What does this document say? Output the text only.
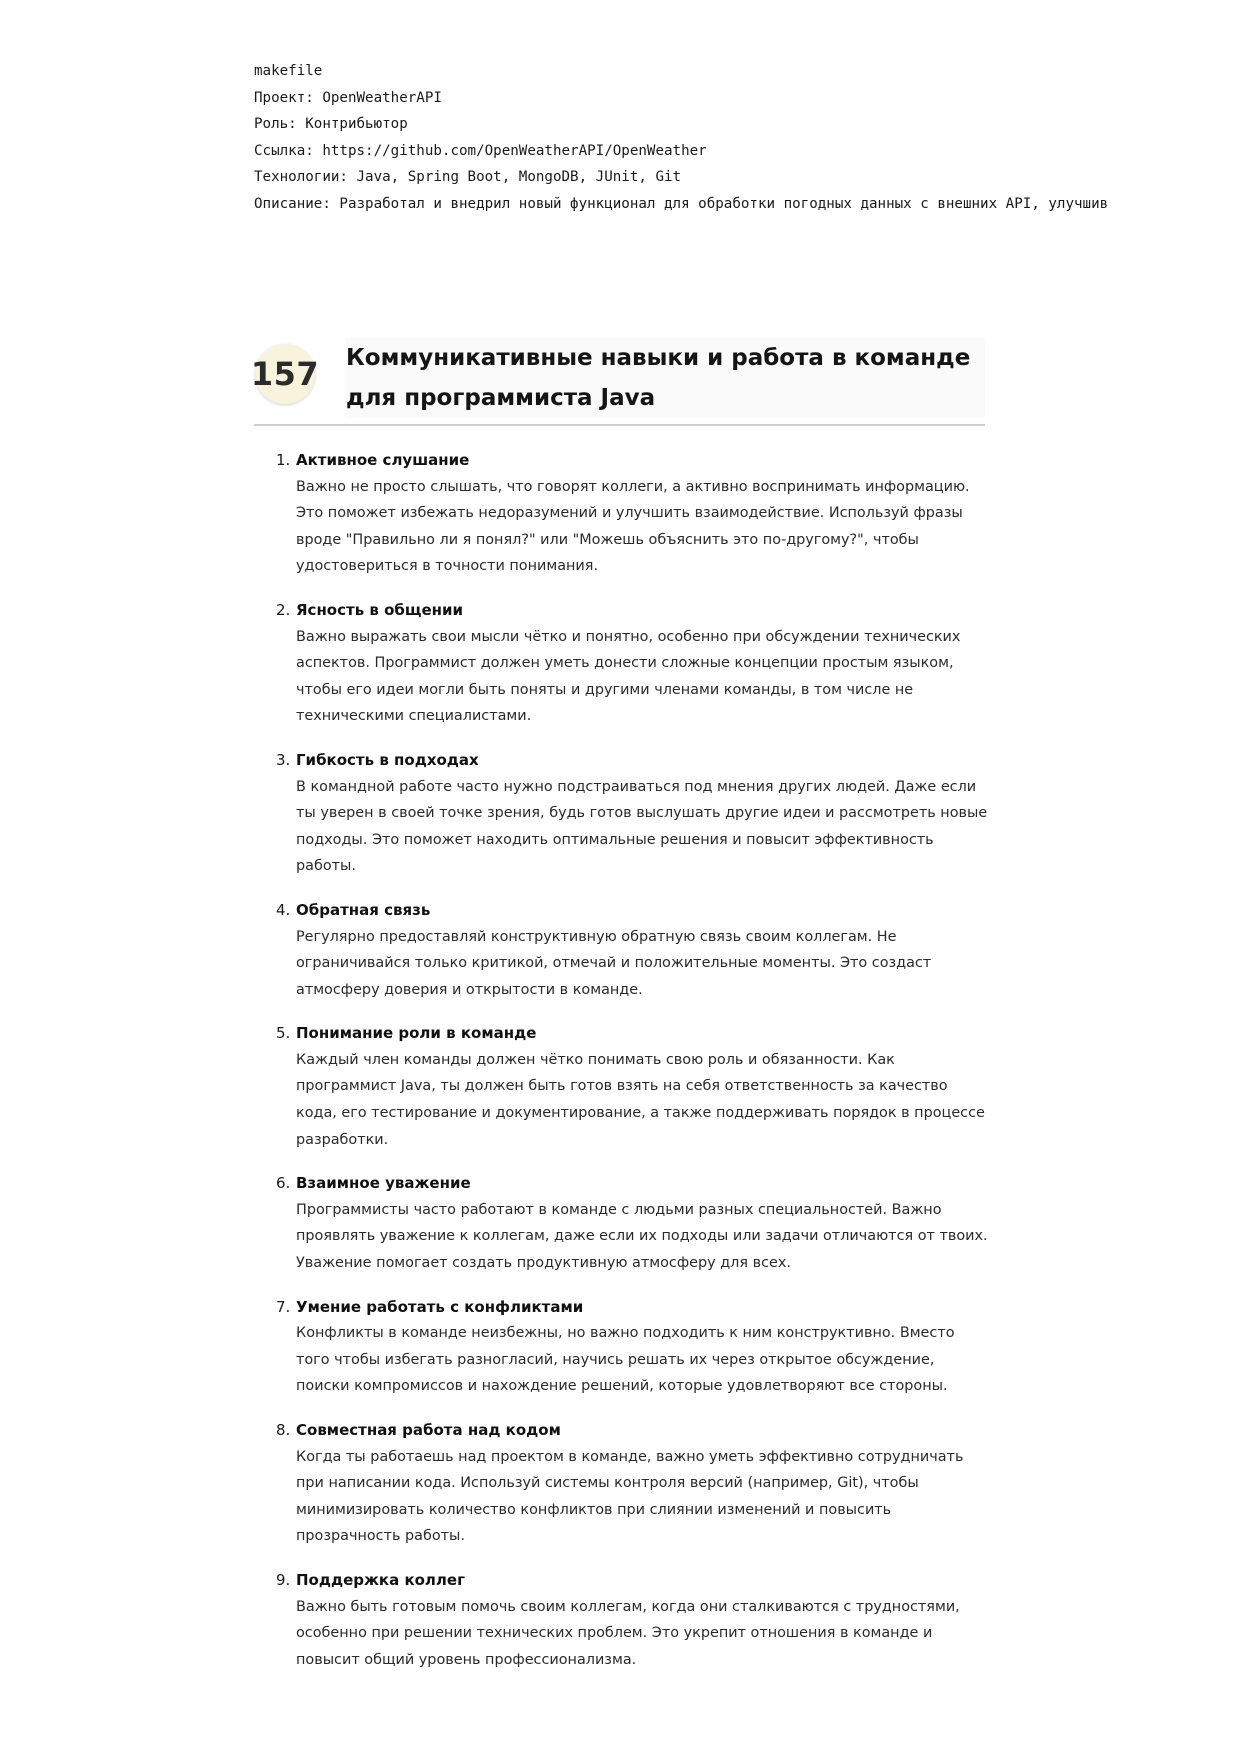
makefile
Проект: OpenWeatherAPI
Роль: Контрибьютор
Ссылка: https://github.com/OpenWeatherAPI/OpenWeather
Технологии: Java, Spring Boot, MongoDB, JUnit, Git
Описание: Разработал и внедрил новый функционал для обработки погодных данных с внешних API, улучшив
157 Коммуникативные навыки и работа в команде для программиста Java
1. Активное слушание
Важно не просто слышать, что говорят коллеги, а активно воспринимать информацию. Это поможет избежать недоразумений и улучшить взаимодействие. Используй фразы вроде "Правильно ли я понял?" или "Можешь объяснить это по-другому?", чтобы удостовериться в точности понимания.
2. Ясность в общении
Важно выражать свои мысли чётко и понятно, особенно при обсуждении технических аспектов. Программист должен уметь донести сложные концепции простым языком, чтобы его идеи могли быть поняты и другими членами команды, в том числе не техническими специалистами.
3. Гибкость в подходах
В командной работе часто нужно подстраиваться под мнения других людей. Даже если ты уверен в своей точке зрения, будь готов выслушать другие идеи и рассмотреть новые подходы. Это поможет находить оптимальные решения и повысит эффективность работы.
4. Обратная связь
Регулярно предоставляй конструктивную обратную связь своим коллегам. Не ограничивайся только критикой, отмечай и положительные моменты. Это создаст атмосферу доверия и открытости в команде.
5. Понимание роли в команде
Каждый член команды должен чётко понимать свою роль и обязанности. Как программист Java, ты должен быть готов взять на себя ответственность за качество кода, его тестирование и документирование, а также поддерживать порядок в процессе разработки.
6. Взаимное уважение
Программисты часто работают в команде с людьми разных специальностей. Важно проявлять уважение к коллегам, даже если их подходы или задачи отличаются от твоих. Уважение помогает создать продуктивную атмосферу для всех.
7. Умение работать с конфликтами
Конфликты в команде неизбежны, но важно подходить к ним конструктивно. Вместо того чтобы избегать разногласий, научись решать их через открытое обсуждение, поиски компромиссов и нахождение решений, которые удовлетворяют все стороны.
8. Совместная работа над кодом
Когда ты работаешь над проектом в команде, важно уметь эффективно сотрудничать при написании кода. Используй системы контроля версий (например, Git), чтобы минимизировать количество конфликтов при слиянии изменений и повысить прозрачность работы.
9. Поддержка коллег
Важно быть готовым помочь своим коллегам, когда они сталкиваются с трудностями, особенно при решении технических проблем. Это укрепит отношения в команде и повысит общий уровень профессионализма.
